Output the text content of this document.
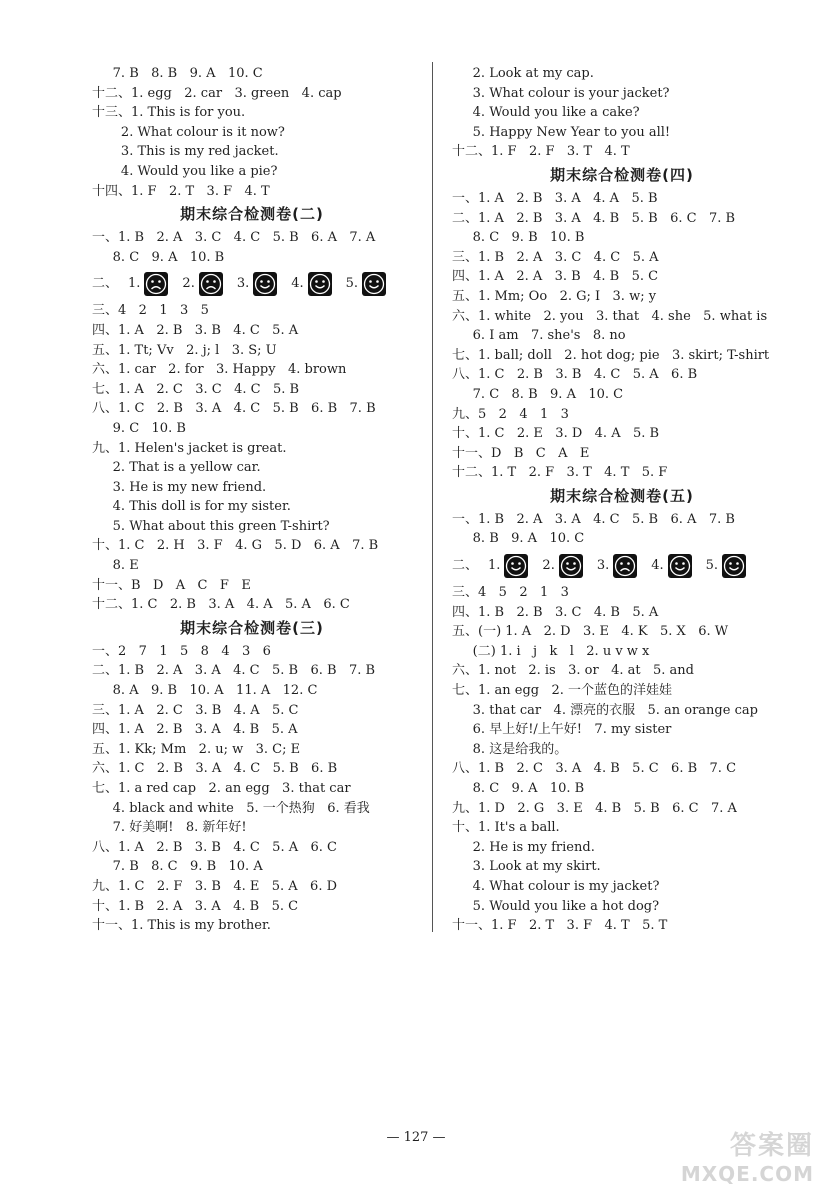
7. B   8. B   9. A   10. C
十二、1. egg   2. car   3. green   4. cap
十三、1. This is for you.
2. What colour is it now?
3. This is my red jacket.
4. Would you like a pie?
十四、1. F   2. T   3. F   4. T
期末综合检测卷(二)
一、1. B   2. A   3. C   4. C   5. B   6. A   7. A
8. C   9. A   10. B
二、 1.	2.	3.	4.	5.
三、4   2   1   3   5
四、1. A   2. B   3. B   4. C   5. A
五、1. Tt; Vv   2. j; l   3. S; U
六、1. car   2. for   3. Happy   4. brown
七、1. A   2. C   3. C   4. C   5. B
八、1. C   2. B   3. A   4. C   5. B   6. B   7. B
9. C   10. B
九、1. Helen's jacket is great.
2. That is a yellow car.
3. He is my new friend.
4. This doll is for my sister.
5. What about this green T-shirt?
十、1. C   2. H   3. F   4. G   5. D   6. A   7. B
8. E
十一、B   D   A   C   F   E
十二、1. C   2. B   3. A   4. A   5. A   6. C
期末综合检测卷(三)
一、2   7   1   5   8   4   3   6
二、1. B   2. A   3. A   4. C   5. B   6. B   7. B
8. A   9. B   10. A   11. A   12. C
三、1. A   2. C   3. B   4. A   5. C
四、1. A   2. B   3. A   4. B   5. A
五、1. Kk; Mm   2. u; w   3. C; E
六、1. C   2. B   3. A   4. C   5. B   6. B
七、1. a red cap   2. an egg   3. that car
4. black and white   5. 一个热狗   6. 看我
7. 好美啊!   8. 新年好!
八、1. A   2. B   3. B   4. C   5. A   6. C
7. B   8. C   9. B   10. A
九、1. C   2. F   3. B   4. E   5. A   6. D
十、1. B   2. A   3. A   4. B   5. C
十一、1. This is my brother.
2. Look at my cap.
3. What colour is your jacket?
4. Would you like a cake?
5. Happy New Year to you all!
十二、1. F   2. F   3. T   4. T
期末综合检测卷(四)
一、1. A   2. B   3. A   4. A   5. B
二、1. A   2. B   3. A   4. B   5. B   6. C   7. B
8. C   9. B   10. B
三、1. B   2. A   3. C   4. C   5. A
四、1. A   2. A   3. B   4. B   5. C
五、1. Mm; Oo   2. G; I   3. w; y
六、1. white   2. you   3. that   4. she   5. what is
6. I am   7. she's   8. no
七、1. ball; doll   2. hot dog; pie   3. skirt; T-shirt
八、1. C   2. B   3. B   4. C   5. A   6. B
7. C   8. B   9. A   10. C
九、5   2   4   1   3
十、1. C   2. E   3. D   4. A   5. B
十一、D   B   C   A   E
十二、1. T   2. F   3. T   4. T   5. F
期末综合检测卷(五)
一、1. B   2. A   3. A   4. C   5. B   6. A   7. B
8. B   9. A   10. C
二、 1.	2.	3.	4.	5.
三、4   5   2   1   3
四、1. B   2. B   3. C   4. B   5. A
五、(一) 1. A   2. D   3. E   4. K   5. X   6. W
(二) 1. i   j   k   l   2. u v w x
六、1. not   2. is   3. or   4. at   5. and
七、1. an egg   2. 一个蓝色的洋娃娃
3. that car   4. 漂亮的衣服   5. an orange cap
6. 早上好!/上午好!   7. my sister
8. 这是给我的。
八、1. B   2. C   3. A   4. B   5. C   6. B   7. C
8. C   9. A   10. B
九、1. D   2. G   3. E   4. B   5. B   6. C   7. A
十、1. It's a ball.
2. He is my friend.
3. Look at my skirt.
4. What colour is my jacket?
5. Would you like a hot dog?
十一、1. F   2. T   3. F   4. T   5. T
— 127 —	答案圈
MXQE.COM
